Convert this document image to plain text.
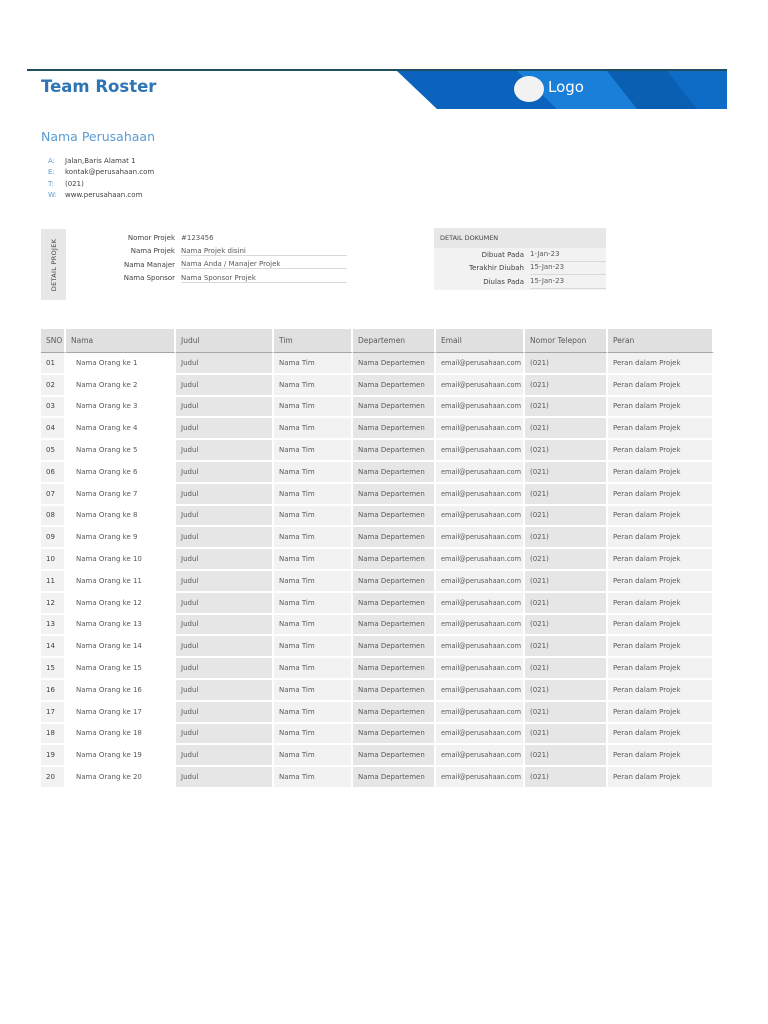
Team Roster	Logo
Nama Perusahaan
A:	Jalan,Baris Alamat 1
E:	kontak@perusahaan.com
T:	(021)
W:	www.perusahaan.com
DETAIL PROJEK
Nomor Projek #123456
Nama Projek Nama Projek disini
Nama Manajer Nama Anda / Manajer Projek
Nama Sponsor Nama Sponsor Projek
DETAIL DOKUMEN
Dibuat Pada 1-Jan-23
Terakhir Diubah 15-Jan-23
Diulas Pada 15-Jan-23
SNO	Nama	Judul	Tim	Departemen	Email	Nomor Telepon	Peran
01	Nama Orang ke 1	Judul	Nama Tim	Nama Departemen	email@perusahaan.com	(021)	Peran dalam Projek
02	Nama Orang ke 2	Judul	Nama Tim	Nama Departemen	email@perusahaan.com	(021)	Peran dalam Projek
03	Nama Orang ke 3	Judul	Nama Tim	Nama Departemen	email@perusahaan.com	(021)	Peran dalam Projek
04	Nama Orang ke 4	Judul	Nama Tim	Nama Departemen	email@perusahaan.com	(021)	Peran dalam Projek
05	Nama Orang ke 5	Judul	Nama Tim	Nama Departemen	email@perusahaan.com	(021)	Peran dalam Projek
06	Nama Orang ke 6	Judul	Nama Tim	Nama Departemen	email@perusahaan.com	(021)	Peran dalam Projek
07	Nama Orang ke 7	Judul	Nama Tim	Nama Departemen	email@perusahaan.com	(021)	Peran dalam Projek
08	Nama Orang ke 8	Judul	Nama Tim	Nama Departemen	email@perusahaan.com	(021)	Peran dalam Projek
09	Nama Orang ke 9	Judul	Nama Tim	Nama Departemen	email@perusahaan.com	(021)	Peran dalam Projek
10	Nama Orang ke 10	Judul	Nama Tim	Nama Departemen	email@perusahaan.com	(021)	Peran dalam Projek
11	Nama Orang ke 11	Judul	Nama Tim	Nama Departemen	email@perusahaan.com	(021)	Peran dalam Projek
12	Nama Orang ke 12	Judul	Nama Tim	Nama Departemen	email@perusahaan.com	(021)	Peran dalam Projek
13	Nama Orang ke 13	Judul	Nama Tim	Nama Departemen	email@perusahaan.com	(021)	Peran dalam Projek
14	Nama Orang ke 14	Judul	Nama Tim	Nama Departemen	email@perusahaan.com	(021)	Peran dalam Projek
15	Nama Orang ke 15	Judul	Nama Tim	Nama Departemen	email@perusahaan.com	(021)	Peran dalam Projek
16	Nama Orang ke 16	Judul	Nama Tim	Nama Departemen	email@perusahaan.com	(021)	Peran dalam Projek
17	Nama Orang ke 17	Judul	Nama Tim	Nama Departemen	email@perusahaan.com	(021)	Peran dalam Projek
18	Nama Orang ke 18	Judul	Nama Tim	Nama Departemen	email@perusahaan.com	(021)	Peran dalam Projek
19	Nama Orang ke 19	Judul	Nama Tim	Nama Departemen	email@perusahaan.com	(021)	Peran dalam Projek
20	Nama Orang ke 20	Judul	Nama Tim	Nama Departemen	email@perusahaan.com	(021)	Peran dalam Projek
